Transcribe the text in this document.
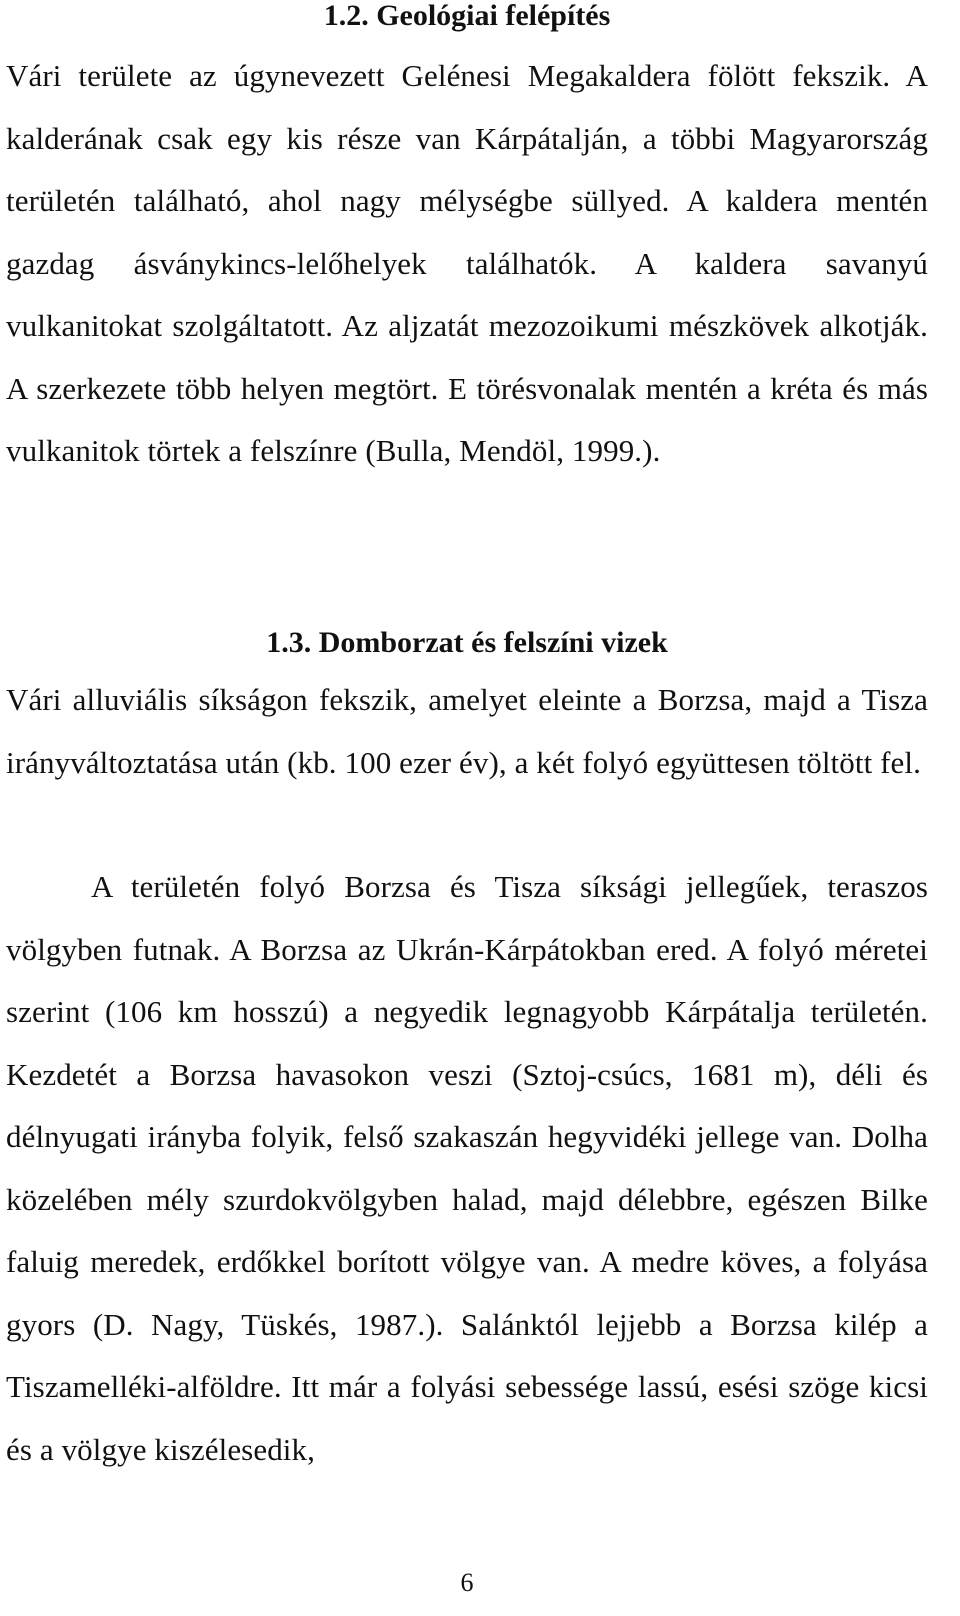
1.2. Geológiai felépítés

Vári területe az úgynevezett Gelénesi Megakaldera fölött fekszik. A kalderának csak egy kis része van Kárpátalján, a többi Magyarország területén található, ahol nagy mélységbe süllyed. A kaldera mentén gazdag ásványkincs-lelőhelyek találhatók. A kaldera savanyú vulkanitokat szolgáltatott. Az aljzatát mezozoikumi mészkövek alkotják. A szerkezete több helyen megtört. E törésvonalak mentén a kréta és más vulkanitok törtek a felszínre (Bulla, Mendöl, 1999.).

1.3. Domborzat és felszíni vizek

Vári alluviális síkságon fekszik, amelyet eleinte a Borzsa, majd a Tisza irányváltoztatása után (kb. 100 ezer év), a két folyó együttesen töltött fel.

A területén folyó Borzsa és Tisza síksági jellegűek, teraszos völgyben futnak. A Borzsa az Ukrán-Kárpátokban ered. A folyó méretei szerint (106 km hosszú) a negyedik legnagyobb Kárpátalja területén. Kezdetét a Borzsa havasokon veszi (Sztoj-csúcs, 1681 m), déli és délnyugati irányba folyik, felső szakaszán hegyvidéki jellege van. Dolha közelében mély szurdokvölgyben halad, majd délebbre, egészen Bilke faluig meredek, erdőkkel borított völgye van. A medre köves, a folyása gyors (D. Nagy, Tüskés, 1987.). Salánktól lejjebb a Borzsa kilép a Tiszamelléki-alföldre. Itt már a folyási sebessége lassú, esési szöge kicsi és a völgye kiszélesedik,

6
